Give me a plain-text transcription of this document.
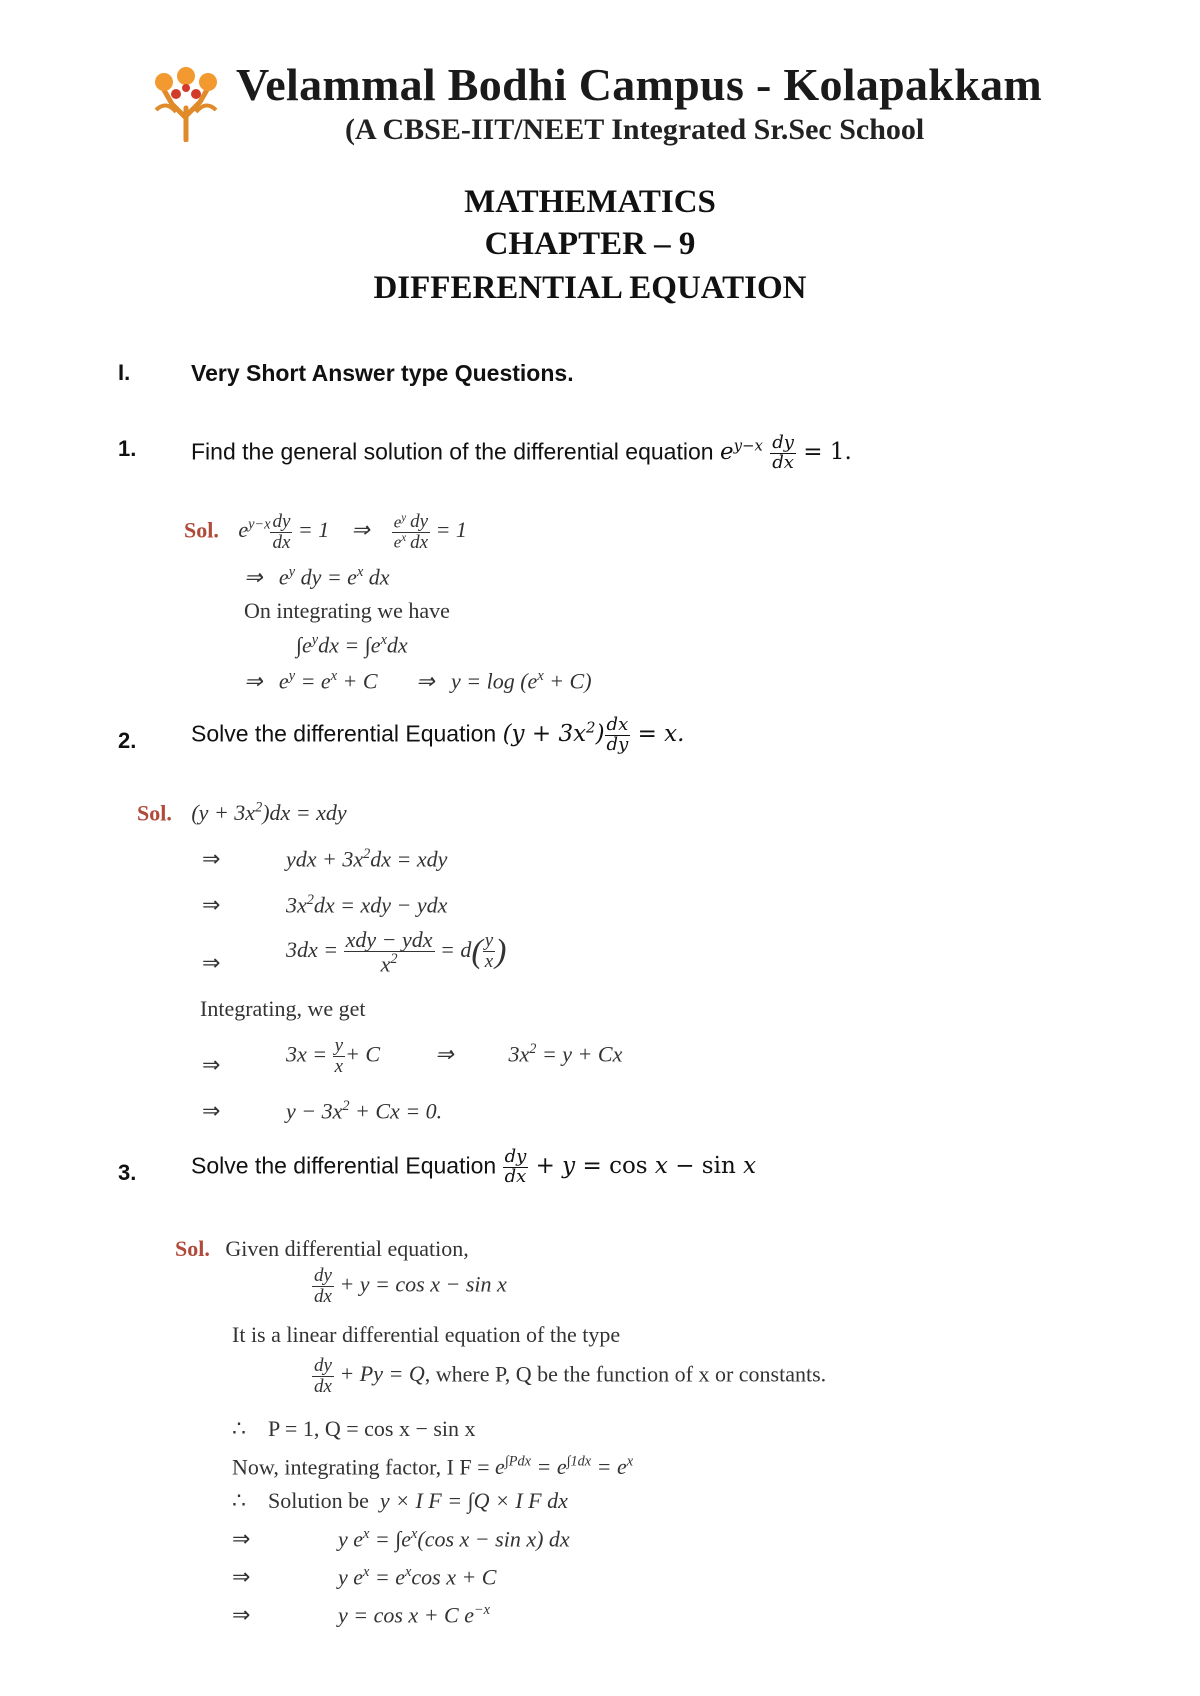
Velammal Bodhi Campus - Kolapakkam
(A CBSE-IIT/NEET Integrated Sr.Sec School
MATHEMATICS
CHAPTER – 9
DIFFERENTIAL EQUATION
I.	Very Short Answer type Questions.
1. Find the general solution of the differential equation $e^{y-x} \frac{dy}{dx} = 1$.
Sol. $e^{y-x} \frac{dy}{dx} = 1$    ⇒ $\frac{e^y}{e^x} \frac{dy}{dx} = 1$
⇒   $e^y$ dy = $e^x$ dx
On integrating we have
$\int e^ydx = \int e^xdx$
⇒   $e^y = e^x + C$       ⇒   $y = \log (e^x + C)$
2. Solve the differential Equation $(y + 3x^2) \frac{dx}{dy} = x$.
Sol. $(y + 3x^2)dx$ = xdy
⇒	ydx + $3x^2dx$ = xdy
⇒	$3x^2dx$ = xdy − ydx
⇒
$3dx = \frac{\text{xdy − ydx}}{x^2} = d( \frac{y}{x}$ )
Integrating, we get
⇒	$3x = \frac{y}{x} + C$          ⇒          $3x^2 = y + Cx$
⇒	$y - 3x^2 + Cx = 0$.
3. Solve the differential Equation $\frac{dy}{dx} + y = \cos x - \sin x$
Sol. Given differential equation,
$\frac{dy}{dx} + y = \cos x - \sin x$
It is a linear differential equation of the type
$\frac{dy}{dx} + Py = Q$, where P, Q be the function of x or constants.
∴    P = 1, Q = cos x − sin x
Now, integrating factor, I $F = e^{\int Pdx} = e^{\int 1dx} = e^x$
∴    Solution be y × I F = ∫Q × I F dx
⇒	y $e^x = \int e^x(\cos$ x − sin x) dx
⇒	y $e^x = e^x\cos$ x + C
⇒	y = cos x + C $e^{-x}$
